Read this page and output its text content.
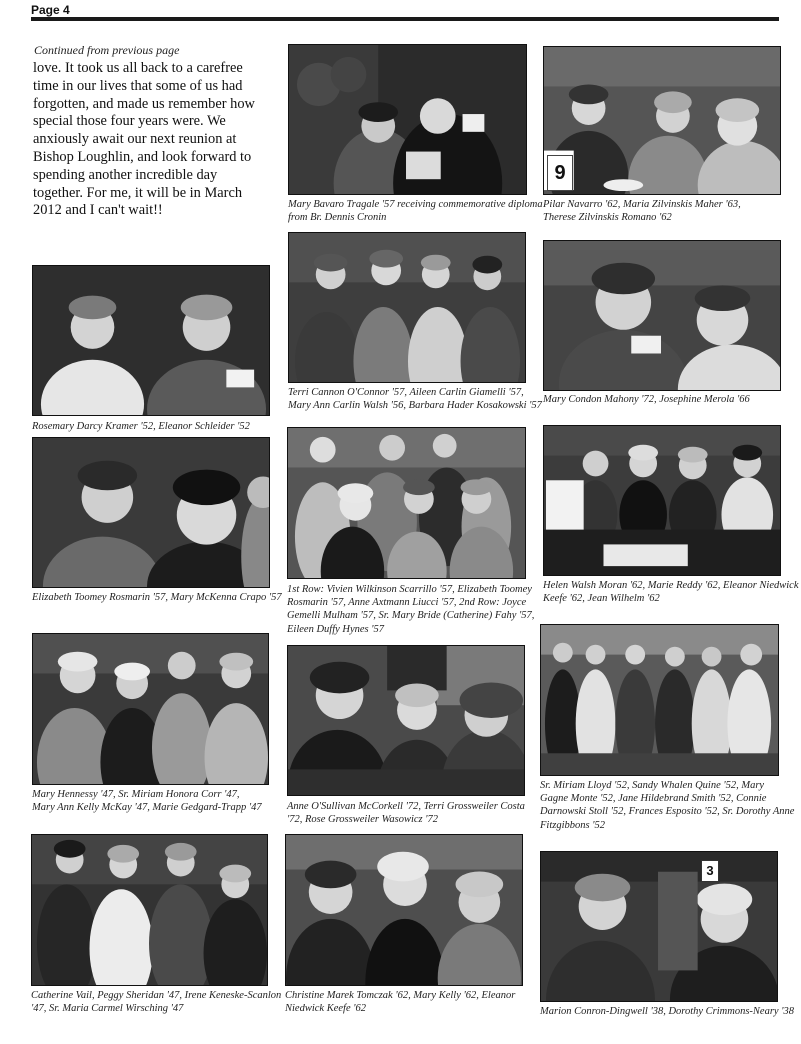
Page 4
Continued from previous page
love. It took us all back to a carefree
time in our lives that some of us had
forgotten, and made us remember how
special those four years were. We
anxiously await our next reunion at
Bishop Loughlin, and look forward to
spending another incredible day
together. For me, it will be in March
2012 and I can't wait!!	Mary Bavaro Tragale '57 receiving commemorative diploma
from Br. Dennis Cronin
9
Pilar Navarro '62, Maria Zilvinskis Maher '63,
Therese Zilvinskis Romano '62
Rosemary Darcy Kramer '52, Eleanor Schleider '52
Terri Cannon O'Connor '57, Aileen Carlin Giamelli '57,
Mary Ann Carlin Walsh '56, Barbara Hader Kosakowski '57
Mary Condon Mahony '72, Josephine Merola '66
Elizabeth Toomey Rosmarin '57, Mary McKenna Crapo '57
1st Row: Vivien Wilkinson Scarrillo '57, Elizabeth Toomey
Rosmarin '57, Anne Axtmann Liucci '57, 2nd Row: Joyce
Gemelli Mulham '57, Sr. Mary Bride (Catherine) Fahy '57,
Eileen Duffy Hynes '57
Helen Walsh Moran '62, Marie Reddy '62, Eleanor Niedwick
Keefe '62, Jean Wilhelm '62
Mary Hennessy '47, Sr. Miriam Honora Corr '47,
Mary Ann Kelly McKay '47, Marie Gedgard-Trapp '47 Anne O'Sullivan McCorkell '72, Terri Grossweiler Costa
'72, Rose Grossweiler Wasowicz '72
Sr. Miriam Lloyd '52, Sandy Whalen Quine '52, Mary
Gagne Monte '52, Jane Hildebrand Smith '52, Connie
Darnowski Stoll '52, Frances Esposito '52, Sr. Dorothy Anne
Fitzgibbons '52
Catherine Vail, Peggy Sheridan '47, Irene Keneske-Scanlon
'47, Sr. Maria Carmel Wirsching '47
Christine Marek Tomczak '62, Mary Kelly '62, Eleanor
Niedwick Keefe '62
3
Marion Conron-Dingwell '38, Dorothy Crimmons-Neary '38
